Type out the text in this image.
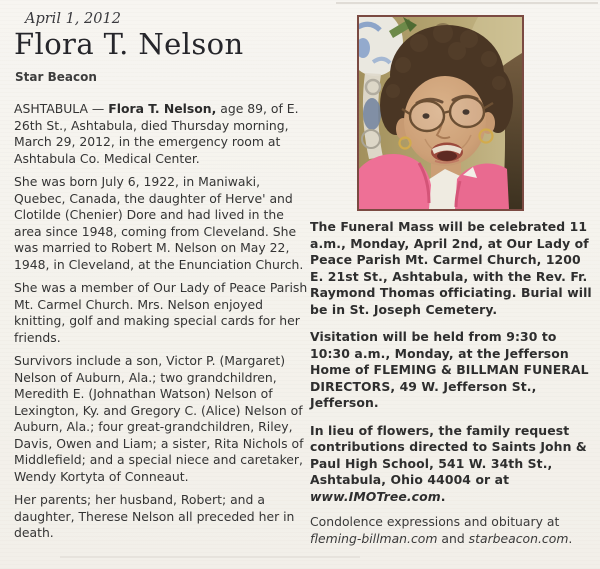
April 1, 2012
Flora T. Nelson
Star Beacon

ASHTABULA — Flora T. Nelson, age 89, of E. 26th St., Ashtabula, died Thursday morning, March 29, 2012, in the emergency room at Ashtabula Co. Medical Center.

She was born July 6, 1922, in Maniwaki, Quebec, Canada, the daughter of Herve' and Clotilde (Chenier) Dore and had lived in the area since 1948, coming from Cleveland. She was married to Robert M. Nelson on May 22, 1948, in Cleveland, at the Enunciation Church.

She was a member of Our Lady of Peace Parish Mt. Carmel Church. Mrs. Nelson enjoyed knitting, golf and making special cards for her friends.

Survivors include a son, Victor P. (Margaret) Nelson of Auburn, Ala.; two grandchildren, Meredith E. (Johnathan Watson) Nelson of Lexington, Ky. and Gregory C. (Alice) Nelson of Auburn, Ala.; four great-grandchildren, Riley, Davis, Owen and Liam; a sister, Rita Nichols of Middlefield; and a special niece and caretaker, Wendy Kortyta of Conneaut.

Her parents; her husband, Robert; and a daughter, Therese Nelson all preceded her in death.

The Funeral Mass will be celebrated 11 a.m., Monday, April 2nd, at Our Lady of Peace Parish Mt. Carmel Church, 1200 E. 21st St., Ashtabula, with the Rev. Fr. Raymond Thomas officiating. Burial will be in St. Joseph Cemetery.

Visitation will be held from 9:30 to 10:30 a.m., Monday, at the Jefferson Home of FLEMING & BILLMAN FUNERAL DIRECTORS, 49 W. Jefferson St., Jefferson.

In lieu of flowers, the family request contributions directed to Saints John & Paul High School, 541 W. 34th St., Ashtabula, Ohio 44004 or at www.IMOTree.com.

Condolence expressions and obituary at fleming-billman.com and starbeacon.com.
